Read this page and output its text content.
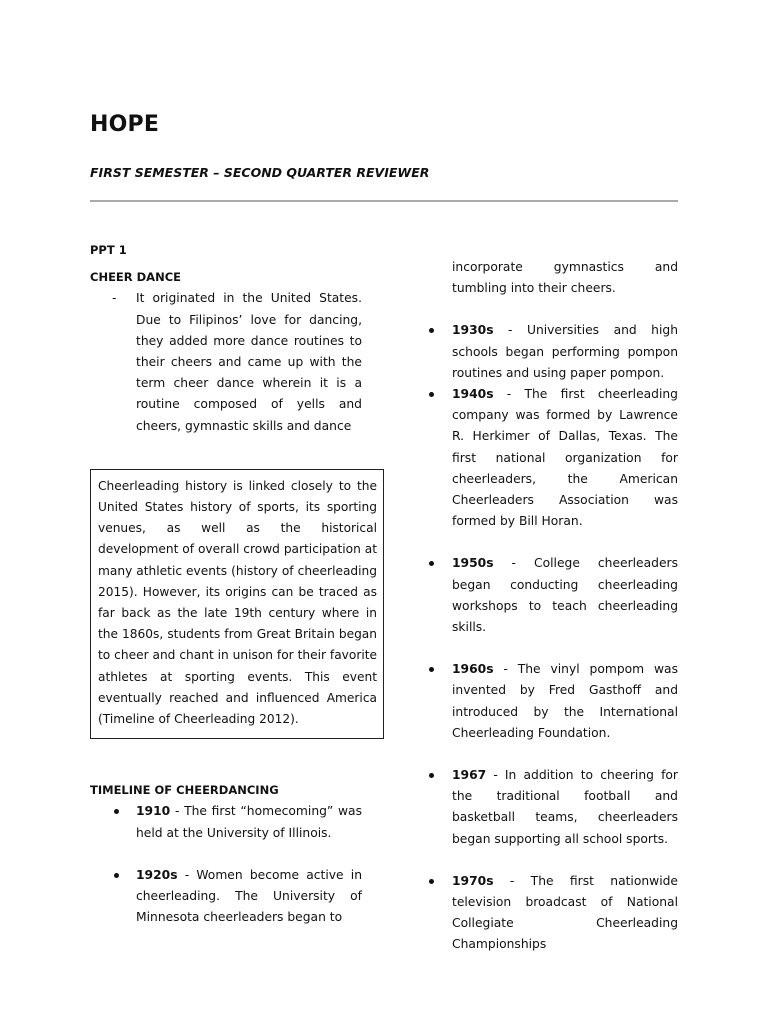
HOPE

FIRST SEMESTER – SECOND QUARTER REVIEWER

PPT 1

CHEER DANCE

- It originated in the United States. Due to Filipinos’ love for dancing, they added more dance routines to their cheers and came up with the term cheer dance wherein it is a routine composed of yells and cheers, gymnastic skills and dance

Cheerleading history is linked closely to the United States history of sports, its sporting venues, as well as the historical development of overall crowd participation at many athletic events (history of cheerleading 2015). However, its origins can be traced as far back as the late 19th century where in the 1860s, students from Great Britain began to cheer and chant in unison for their favorite athletes at sporting events. This event eventually reached and influenced America (Timeline of Cheerleading 2012).

TIMELINE OF CHEERDANCING

1910 - The first “homecoming” was held at the University of Illinois.
1920s - Women become active in cheerleading. The University of Minnesota cheerleaders began to

incorporate gymnastics and tumbling into their cheers.

1930s - Universities and high schools began performing pompon routines and using paper pompon.
1940s - The first cheerleading company was formed by Lawrence R. Herkimer of Dallas, Texas. The first national organization for cheerleaders, the American Cheerleaders Association was formed by Bill Horan.
1950s - College cheerleaders began conducting cheerleading workshops to teach cheerleading skills.
1960s - The vinyl pompom was invented by Fred Gasthoff and introduced by the International Cheerleading Foundation.
1967 - In addition to cheering for the traditional football and basketball teams, cheerleaders began supporting all school sports.
1970s - The first nationwide television broadcast of National Collegiate Cheerleading Championships
